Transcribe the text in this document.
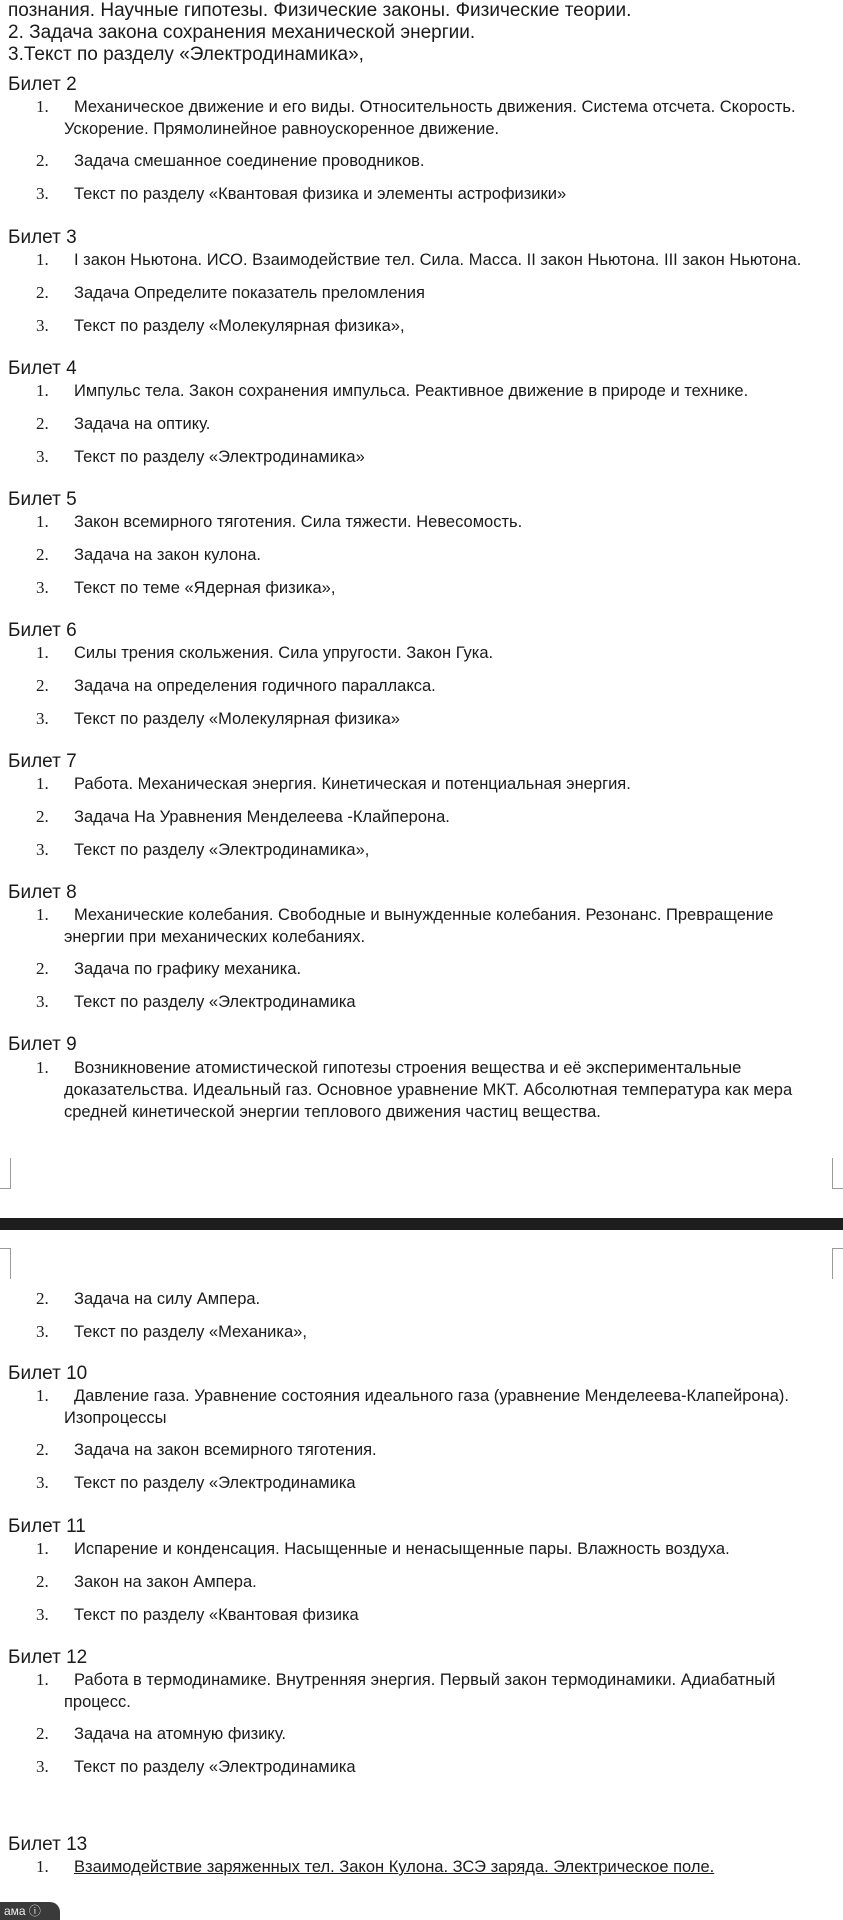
познания. Научные гипотезы. Физические законы. Физические теории.
2. Задача закона сохранения механической энергии.
3.Текст по разделу «Электродинамика»,
Билет 2
1.	Механическое движение и его виды. Относительность движения. Система отсчета. Скорость.
Ускорение. Прямолинейное равноускоренное движение.
2.	Задача смешанное соединение проводников.
3.	Текст по разделу «Квантовая физика и элементы астрофизики»
Билет 3
1.	I закон Ньютона. ИСО. Взаимодействие тел. Сила. Масса. II закон Ньютона. III закон Ньютона.
2.	Задача Определите показатель преломления
3.	Текст по разделу «Молекулярная физика»,
Билет 4
1.	Импульс тела. Закон сохранения импульса. Реактивное движение в природе и технике.
2.	Задача на оптику.
3.	Текст по разделу «Электродинамика»
Билет 5
1.	Закон всемирного тяготения. Сила тяжести. Невесомость.
2.	Задача на закон кулона.
3.	Текст по теме «Ядерная физика»,
Билет 6
1.	Силы трения скольжения. Сила упругости. Закон Гука.
2.	Задача на определения годичного параллакса.
3.	Текст по разделу «Молекулярная физика»
Билет 7
1.	Работа. Механическая энергия. Кинетическая и потенциальная энергия.
2.	Задача На Уравнения Менделеева -Клайперона.
3.	Текст по разделу «Электродинамика»,
Билет 8
1.	Механические колебания. Свободные и вынужденные колебания. Резонанс. Превращение
энергии при механических колебаниях.
2.	Задача по графику механика.
3.	Текст по разделу «Электродинамика
Билет 9
1.	Возникновение атомистической гипотезы строения вещества и её экспериментальные
доказательства. Идеальный газ. Основное уравнение МКТ. Абсолютная температура как мера
средней кинетической энергии теплового движения частиц вещества.
2.	Задача на силу Ампера.
3.	Текст по разделу «Механика»,
Билет 10
1.	Давление газа. Уравнение состояния идеального газа (уравнение Менделеева-Клапейрона).
Изопроцессы
2.	Задача на закон всемирного тяготения.
3.	Текст по разделу «Электродинамика
Билет 11
1.	Испарение и конденсация. Насыщенные и ненасыщенные пары. Влажность воздуха.
2.	Закон на закон Ампера.
3.	Текст по разделу «Квантовая физика
Билет 12
1.	Работа в термодинамике. Внутренняя энергия. Первый закон термодинамики. Адиабатный
процесс.
2.	Задача на атомную физику.
3.	Текст по разделу «Электродинамика
Билет 13
1.	Взаимодействие заряженных тел. Закон Кулона. ЗСЭ заряда. Электрическое поле.
ама ⓘ
